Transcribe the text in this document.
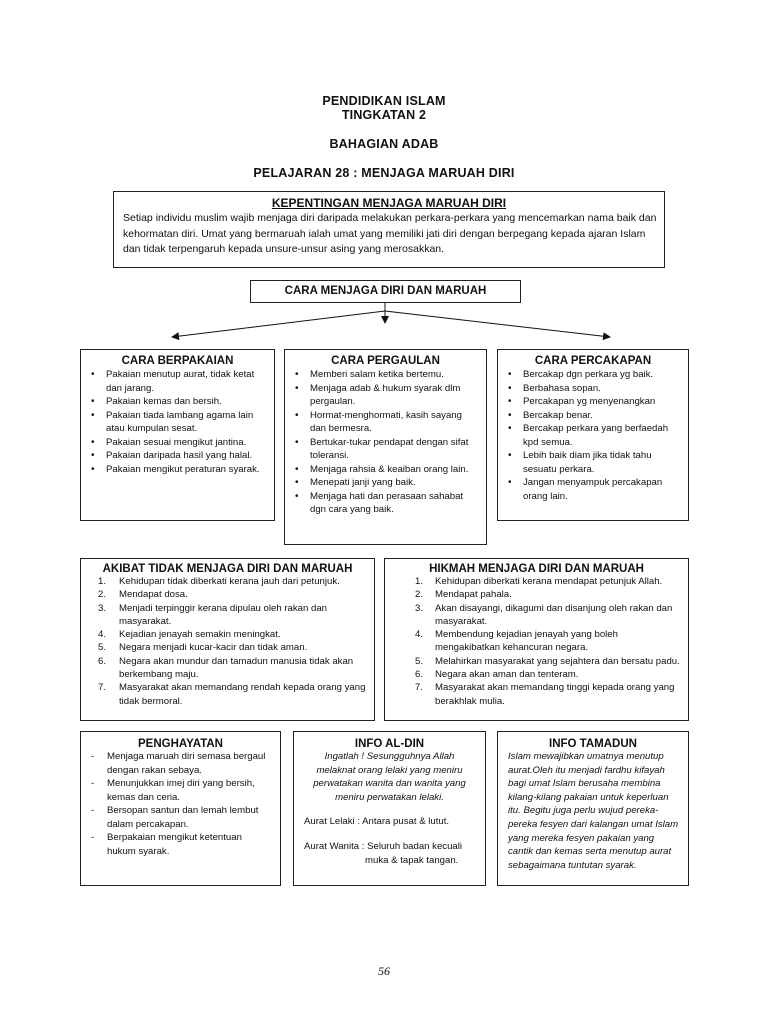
PENDIDIKAN ISLAM
TINGKATAN 2
BAHAGIAN ADAB
PELAJARAN 28 : MENJAGA MARUAH DIRI
KEPENTINGAN MENJAGA MARUAH DIRI
Setiap individu muslim wajib menjaga diri daripada melakukan perkara-perkara yang mencemarkan nama baik dan kehormatan diri. Umat yang bermaruah ialah umat yang memiliki jati diri dengan berpegang kepada ajaran Islam dan tidak terpengaruh kepada unsure-unsur asing yang merosakkan.
CARA MENJAGA DIRI DAN MARUAH
CARA BERPAKAIAN
• Pakaian menutup aurat, tidak ketat dan jarang.
• Pakaian kemas dan bersih.
• Pakaian tiada lambang agama lain atau kumpulan sesat.
• Pakaian sesuai mengikut jantina.
• Pakaian daripada hasil yang halal.
• Pakaian mengikut peraturan syarak.
CARA PERGAULAN
• Memberi salam ketika bertemu.
• Menjaga adab & hukum syarak dlm pergaulan.
• Hormat-menghormati, kasih sayang dan bermesra.
• Bertukar-tukar pendapat dengan sifat toleransi.
• Menjaga rahsia & keaiban orang lain.
• Menepati janji yang baik.
• Menjaga hati dan perasaan sahabat dgn cara yang baik.
CARA PERCAKAPAN
• Bercakap dgn perkara yg baik.
• Berbahasa sopan.
• Percakapan yg menyenangkan
• Bercakap benar.
• Bercakap perkara yang berfaedah kpd semua.
• Lebih baik diam jika tidak tahu sesuatu perkara.
• Jangan menyampuk percakapan orang lain.
AKIBAT TIDAK MENJAGA DIRI DAN MARUAH
1. Kehidupan tidak diberkati kerana jauh dari petunjuk.
2. Mendapat dosa.
3. Menjadi terpinggir kerana dipulau oleh rakan dan masyarakat.
4. Kejadian jenayah semakin meningkat.
5. Negara menjadi kucar-kacir dan tidak aman.
6. Negara akan mundur dan tamadun manusia tidak akan berkembang maju.
7. Masyarakat akan memandang rendah kepada orang yang tidak bermoral.
HIKMAH MENJAGA DIRI DAN MARUAH
1. Kehidupan diberkati kerana mendapat petunjuk Allah.
2. Mendapat pahala.
3. Akan disayangi, dikagumi dan disanjung oleh rakan dan masyarakat.
4. Membendung kejadian jenayah yang boleh mengakibatkan kehancuran negara.
5. Melahirkan masyarakat yang sejahtera dan bersatu padu.
6. Negara akan aman dan tenteram.
7. Masyarakat akan memandang tinggi kepada orang yang berakhlak mulia.
PENGHAYATAN
- Menjaga maruah diri semasa bergaul dengan rakan sebaya.
- Menunjukkan imej diri yang bersih, kemas dan ceria.
- Bersopan santun dan lemah lembut dalam percakapan.
- Berpakaian mengikut ketentuan hukum syarak.
INFO AL-DIN
Ingatlah ! Sesungguhnya Allah melaknat orang lelaki yang meniru perwatakan wanita dan wanita yang meniru perwatakan lelaki.
Aurat Lelaki : Antara pusat & lutut.
Aurat Wanita : Seluruh badan kecuali
muka & tapak tangan.
INFO TAMADUN
Islam mewajibkan umatnya menutup aurat.Oleh itu menjadi fardhu kifayah bagi umat Islam berusaha membina kilang-kilang pakaian untuk keperluan itu. Begitu juga perlu wujud pereka-pereka fesyen dari kalangan umat Islam yang mereka fesyen pakaian yang cantik dan kemas serta menutup aurat sebagaimana tuntutan syarak.
56
